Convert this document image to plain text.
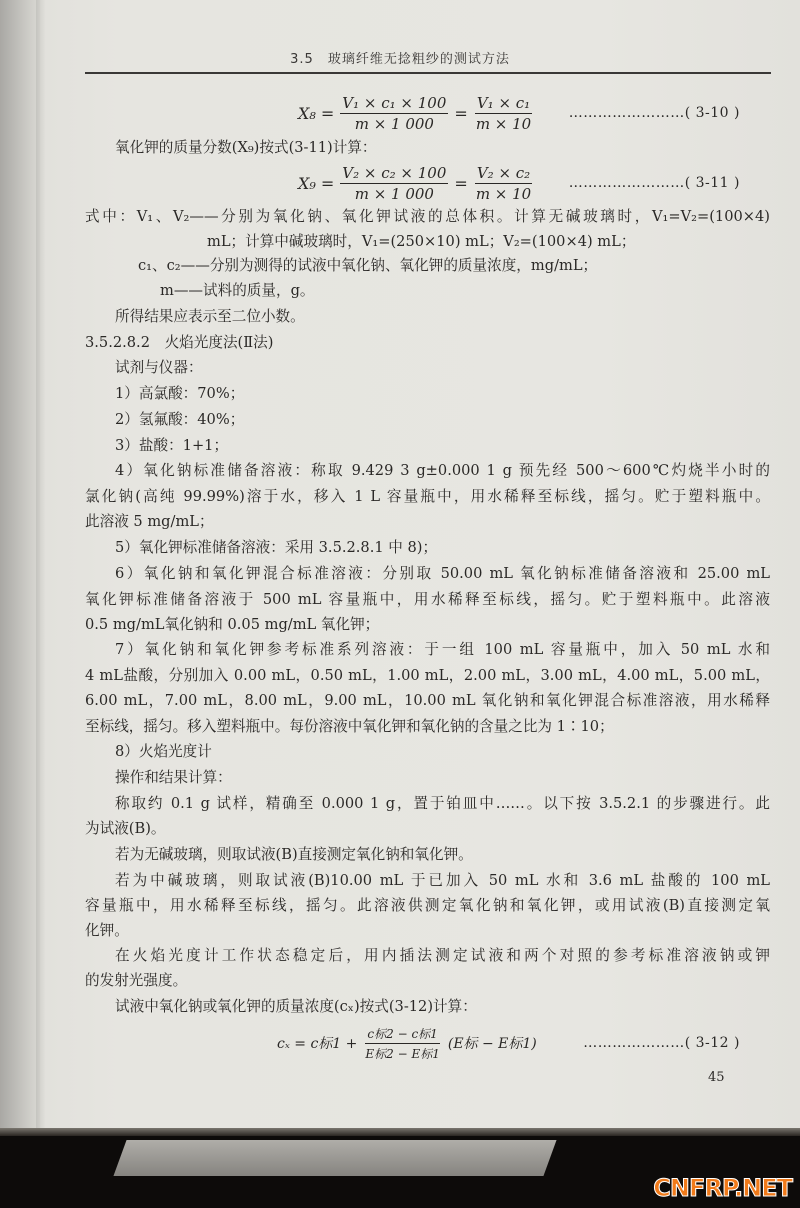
3.5 玻璃纤维无捻粗纱的测试方法
$X_8 = \frac{\text{V₁ × c₁ × 100}}{m \times 1 000} = \frac{\text{V₁ × c₁}}{m \times 10}$	……………………( 3-10 )
氧化钾的质量分数(X₉)按式(3-11)计算：
$X_9 = \frac{\text{V₂ × c₂ × 100}}{m \times 1 000} = \frac{\text{V₂ × c₂}}{m \times 10}$	……………………( 3-11 )
式中：V₁、V₂——分别为氧化钠、氧化钾试液的总体积。计算无碱玻璃时，V₁=V₂=(100×4)
mL；计算中碱玻璃时，V₁=(250×10) mL；V₂=(100×4) mL；
c₁、c₂——分别为测得的试液中氧化钠、氧化钾的质量浓度，mg/mL；
m——试料的质量，g。
所得结果应表示至二位小数。
3.5.2.8.2　火焰光度法(Ⅱ法)
试剂与仪器：
1）高氯酸：70%；
2）氢氟酸：40%；
3）盐酸：1+1；
4）氧化钠标准储备溶液：称取 9.429 3 g±0.000 1 g 预先经 500～600℃灼烧半小时的
氯化钠(高纯 99.99%)溶于水，移入 1 L 容量瓶中，用水稀释至标线，摇匀。贮于塑料瓶中。
此溶液 5 mg/mL；
5）氧化钾标准储备溶液：采用 3.5.2.8.1 中 8)；
6）氧化钠和氧化钾混合标准溶液：分别取 50.00 mL 氧化钠标准储备溶液和 25.00 mL
氧化钾标准储备溶液于 500 mL 容量瓶中，用水稀释至标线，摇匀。贮于塑料瓶中。此溶液
0.5 mg/mL氧化钠和 0.05 mg/mL 氧化钾；
7）氧化钠和氧化钾参考标准系列溶液：于一组 100 mL 容量瓶中，加入 50 mL 水和
4 mL盐酸，分别加入 0.00 mL，0.50 mL，1.00 mL，2.00 mL，3.00 mL，4.00 mL，5.00 mL，
6.00 mL，7.00 mL，8.00 mL，9.00 mL，10.00 mL 氧化钠和氧化钾混合标准溶液，用水稀释
至标线，摇匀。移入塑料瓶中。每份溶液中氧化钾和氧化钠的含量之比为 1∶10；
8）火焰光度计
操作和结果计算：
称取约 0.1 g 试样，精确至 0.000 1 g，置于铂皿中……。以下按 3.5.2.1 的步骤进行。此
为试液(B)。
若为无碱玻璃，则取试液(B)直接测定氧化钠和氧化钾。
若为中碱玻璃，则取试液(B)10.00 mL 于已加入 50 mL 水和 3.6 mL 盐酸的 100 mL
容量瓶中，用水稀释至标线，摇匀。此溶液供测定氧化钠和氧化钾，或用试液(B)直接测定氧
化钾。
在火焰光度计工作状态稳定后，用内插法测定试液和两个对照的参考标准溶液钠或钾
的发射光强度。
试液中氧化钠或氧化钾的质量浓度(cₓ)按式(3-12)计算：
cₓ = c标$1 + \frac{\text{c标2 − c标1}}{\text{E标2 − E标1}} (E$标 − E标1)	…………………( 3-12 )
45
CNFRP.NET
